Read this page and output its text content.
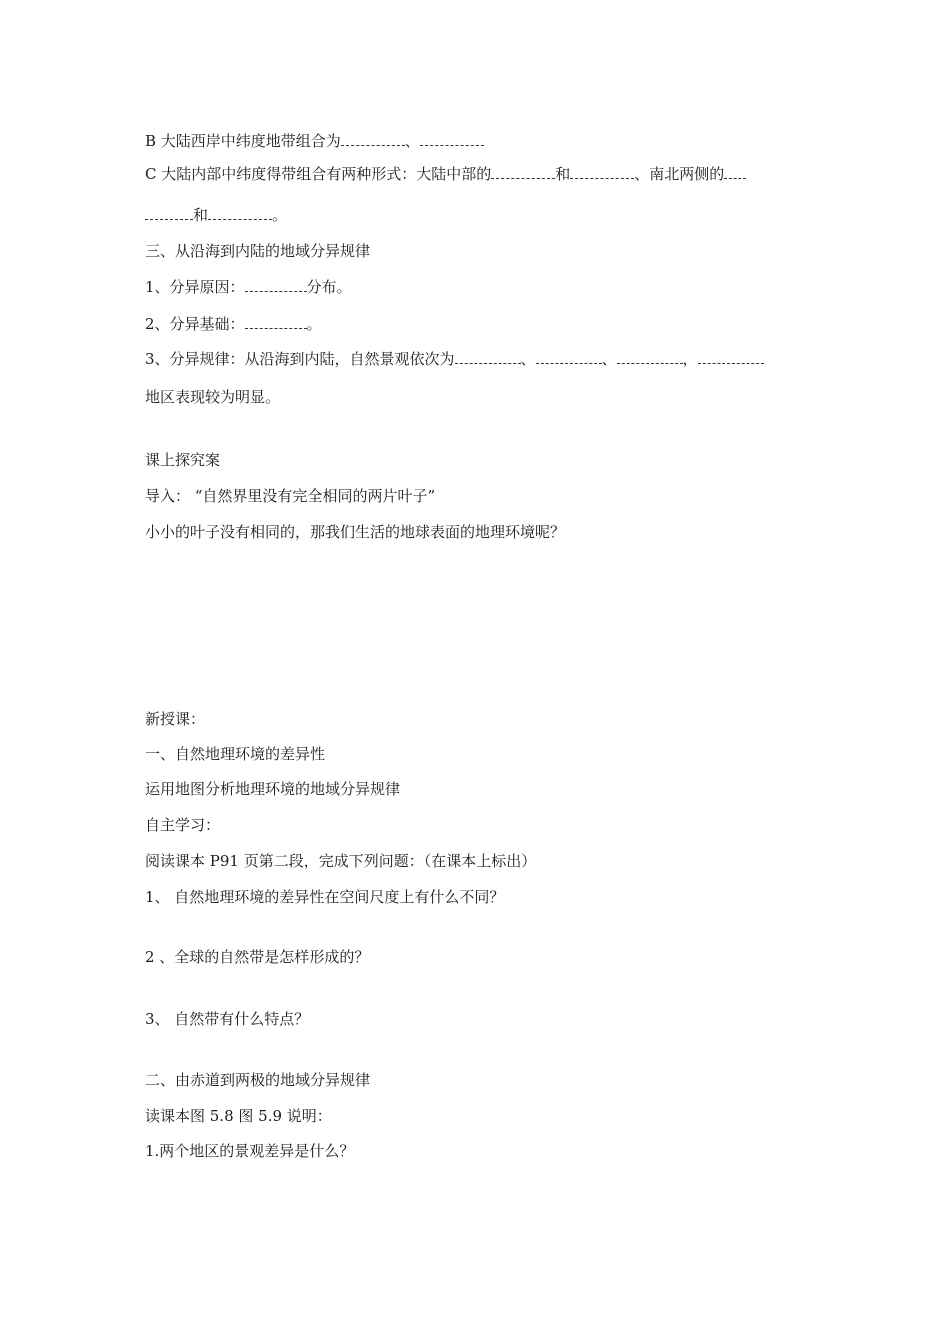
B 大陆西岸中纬度地带组合为	、
C 大陆内部中纬度得带组合有两种形式：大陆中部的	和	、南北两侧的
和	。
三、从沿海到内陆的地域分异规律
1、分异原因：	分布。
2、分异基础：	。
3、分异规律：从沿海到内陆，自然景观依次为	、	、	，
地区表现较为明显。
课上探究案
导入： “自然界里没有完全相同的两片叶子”
小小的叶子没有相同的，那我们生活的地球表面的地理环境呢？
新授课：
一、自然地理环境的差异性
运用地图分析地理环境的地域分异规律
自主学习：
阅读课本 P91 页第二段，完成下列问题：（在课本上标出）
1、 自然地理环境的差异性在空间尺度上有什么不同？
2 、全球的自然带是怎样形成的？
3、 自然带有什么特点？
二、由赤道到两极的地域分异规律
读课本图 5.8 图 5.9 说明：
1.两个地区的景观差异是什么？
